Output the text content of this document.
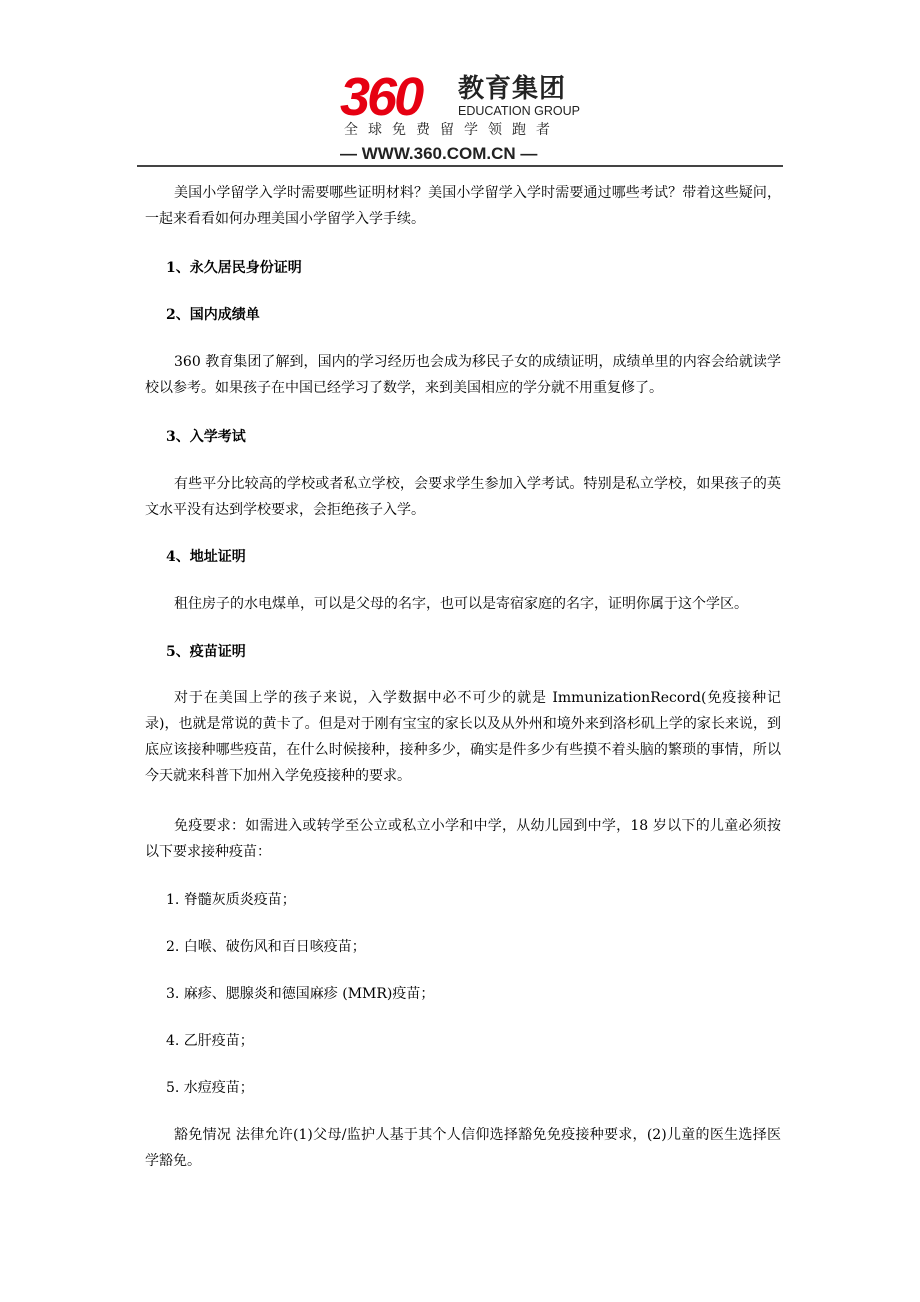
360 教育集团
EDUCATION GROUP
全球免费留学领跑者
— WWW.360.COM.CN —
美国小学留学入学时需要哪些证明材料？美国小学留学入学时需要通过哪些考试？带着这些疑问，一起来看看如何办理美国小学留学入学手续。
1、永久居民身份证明
2、国内成绩单
360 教育集团了解到，国内的学习经历也会成为移民子女的成绩证明，成绩单里的内容会给就读学校以参考。如果孩子在中国已经学习了数学，来到美国相应的学分就不用重复修了。
3、入学考试
有些平分比较高的学校或者私立学校，会要求学生参加入学考试。特别是私立学校，如果孩子的英文水平没有达到学校要求，会拒绝孩子入学。
4、地址证明
租住房子的水电煤单，可以是父母的名字，也可以是寄宿家庭的名字，证明你属于这个学区。
5、疫苗证明
对于在美国上学的孩子来说，入学数据中必不可少的就是 ImmunizationRecord(免疫接种记录)，也就是常说的黄卡了。但是对于刚有宝宝的家长以及从外州和境外来到洛杉矶上学的家长来说，到底应该接种哪些疫苗，在什么时候接种，接种多少，确实是件多少有些摸不着头脑的繁琐的事情，所以今天就来科普下加州入学免疫接种的要求。
免疫要求：如需进入或转学至公立或私立小学和中学，从幼儿园到中学，18 岁以下的儿童必须按以下要求接种疫苗：
1. 脊髓灰质炎疫苗；
2. 白喉、破伤风和百日咳疫苗；
3. 麻疹、腮腺炎和德国麻疹 (MMR)疫苗；
4. 乙肝疫苗；
5. 水痘疫苗；
豁免情况 法律允许(1)父母/监护人基于其个人信仰选择豁免免疫接种要求，(2)儿童的医生选择医学豁免。
